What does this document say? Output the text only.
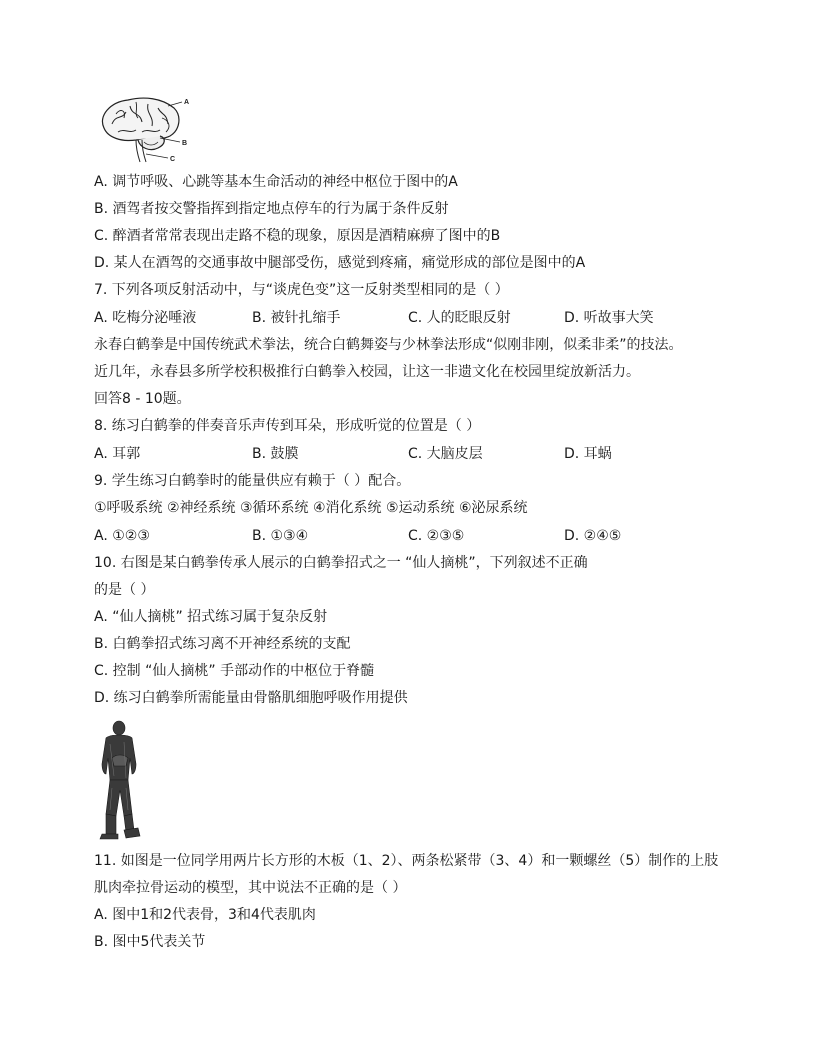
A
B
C
A. 调节呼吸、心跳等基本生命活动的神经中枢位于图中的A
B. 酒驾者按交警指挥到指定地点停车的行为属于条件反射
C. 醉酒者常常表现出走路不稳的现象，原因是酒精麻痹了图中的B
D. 某人在酒驾的交通事故中腿部受伤，感觉到疼痛，痛觉形成的部位是图中的A
7. 下列各项反射活动中，与“谈虎色变”这一反射类型相同的是（ ）
A. 吃梅分泌唾液	B. 被针扎缩手	C. 人的眨眼反射	D. 听故事大笑
永春白鹤拳是中国传统武术拳法，统合白鹤舞姿与少林拳法形成“似刚非刚，似柔非柔”的技法。
近几年，永春县多所学校积极推行白鹤拳入校园，让这一非遗文化在校园里绽放新活力。
回答8 - 10题。
8. 练习白鹤拳的伴奏音乐声传到耳朵，形成听觉的位置是（ ）
A. 耳郭	B. 鼓膜	C. 大脑皮层	D. 耳蜗
9. 学生练习白鹤拳时的能量供应有赖于（ ）配合。
①呼吸系统 ②神经系统 ③循环系统 ④消化系统 ⑤运动系统 ⑥泌尿系统
A. ①②③	B. ①③④	C. ②③⑤	D. ②④⑤
10. 右图是某白鹤拳传承人展示的白鹤拳招式之一 “仙人摘桃”，下列叙述不正确
的是（ ）
A. “仙人摘桃” 招式练习属于复杂反射
B. 白鹤拳招式练习离不开神经系统的支配
C. 控制 “仙人摘桃” 手部动作的中枢位于脊髓
D. 练习白鹤拳所需能量由骨骼肌细胞呼吸作用提供
11. 如图是一位同学用两片长方形的木板（1、2）、两条松紧带（3、4）和一颗螺丝（5）制作的上肢
肌肉牵拉骨运动的模型，其中说法不正确的是（ ）
A. 图中1和2代表骨，3和4代表肌肉
B. 图中5代表关节
